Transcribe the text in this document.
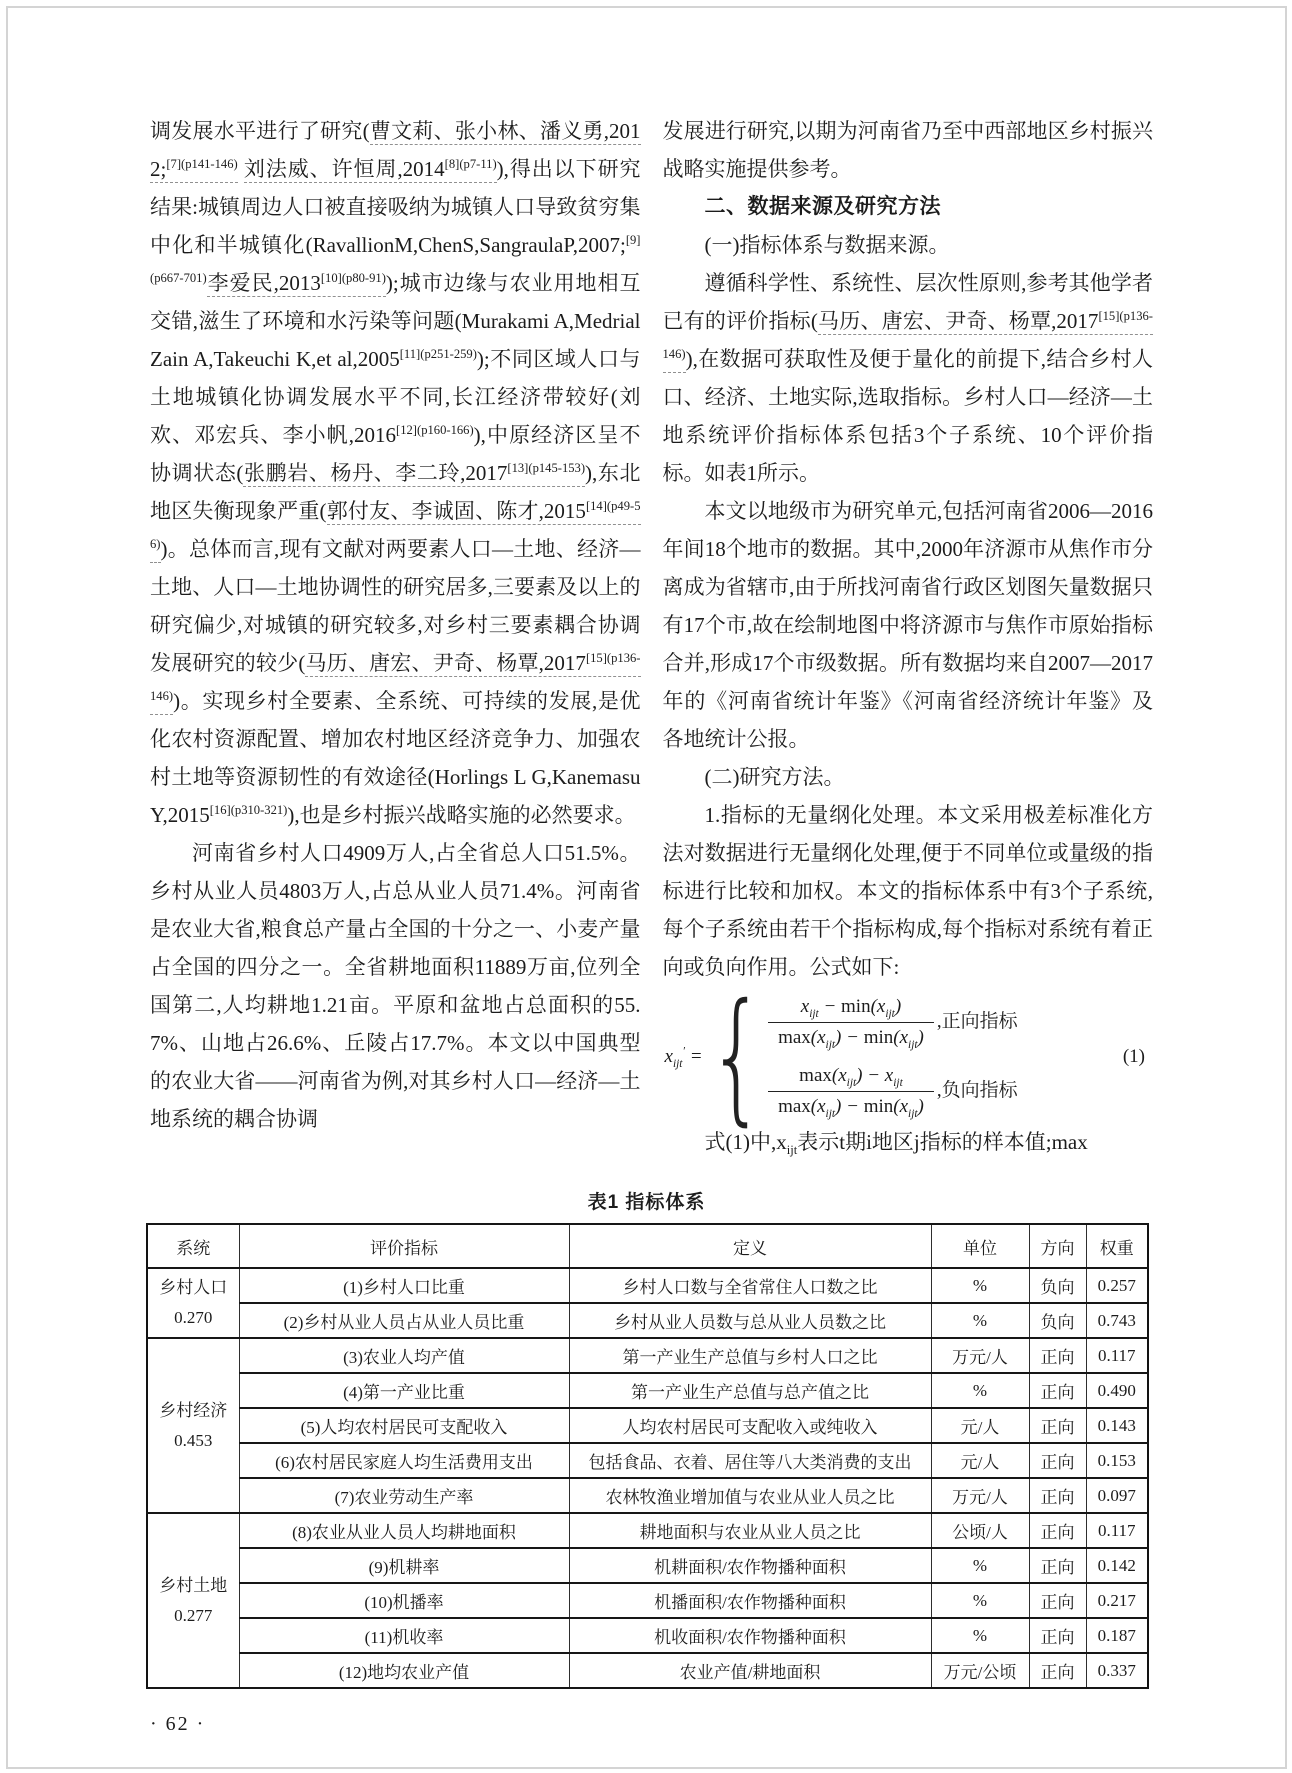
调发展水平进行了研究(曹文莉、张小林、潘义勇,2012;$^{[7](p141-146)}$ 刘法威、许恒周$,2014^{[8](p7-11)}$),得出以下研究结果:城镇周边人口被直接吸纳为城镇人口导致贫穷集中化和半城镇化(RavallionM,ChenS,SangraulaP,2007;$^{[9](p667-701)}$李爱民$,2013^{[10](p80-91)}$);城市边缘与农业用地相互交错,滋生了环境和水污染等问题(Murakami A,Medrial Zain A,Takeuchi K,et $al,2005^{[11](p251-259)}$);不同区域人口与土地城镇化协调发展水平不同,长江经济带较好(刘欢、邓宏兵、李小帆$,2016^{[12](p160-166)}$),中原经济区呈不协调状态(张鹏岩、杨丹、李二玲$,2017^{[13](p145-153)}$),东北地区失衡现象严重(郭付友、李诚固、陈才$,2015^{[14](p49-56)}$)。总体而言,现有文献对两要素人口—土地、经济—土地、人口—土地协调性的研究居多,三要素及以上的研究偏少,对城镇的研究较多,对乡村三要素耦合协调发展研究的较少(马历、唐宏、尹奇、杨覃$,2017^{[15](p136-146)}$)。实现乡村全要素、全系统、可持续的发展,是优化农村资源配置、增加农村地区经济竞争力、加强农村土地等资源韧性的有效途径(Horlings L G,Kanemasu $Y,2015^{[16](p310-321)}$),也是乡村振兴战略实施的必然要求。
河南省乡村人口4909万人,占全省总人口51.5%。乡村从业人员4803万人,占总从业人员71.4%。河南省是农业大省,粮食总产量占全国的十分之一、小麦产量占全国的四分之一。全省耕地面积11889万亩,位列全国第二,人均耕地1.21亩。平原和盆地占总面积的55.7%、山地占26.6%、丘陵占17.7%。本文以中国典型的农业大省——河南省为例,对其乡村人口—经济—土地系统的耦合协调
发展进行研究,以期为河南省乃至中西部地区乡村振兴战略实施提供参考。
二、数据来源及研究方法
(一)指标体系与数据来源。
遵循科学性、系统性、层次性原则,参考其他学者已有的评价指标(马历、唐宏、尹奇、杨覃$,2017^{[15](p136-146)}$),在数据可获取性及便于量化的前提下,结合乡村人口、经济、土地实际,选取指标。乡村人口—经济—土地系统评价指标体系包括3个子系统、10个评价指标。如表1所示。
本文以地级市为研究单元,包括河南省2006—2016年间18个地市的数据。其中,2000年济源市从焦作市分离成为省辖市,由于所找河南省行政区划图矢量数据只有17个市,故在绘制地图中将济源市与焦作市原始指标合并,形成17个市级数据。所有数据均来自2007—2017年的《河南省统计年鉴》《河南省经济统计年鉴》及各地统计公报。
(二)研究方法。
1.指标的无量纲化处理。本文采用极差标准化方法对数据进行无量纲化处理,便于不同单位或量级的指标进行比较和加权。本文的指标体系中有3个子系统,每个子系统由若干个指标构成,每个指标对系统有着正向或负向作用。公式如下:
$x_{ijt}'$ = { $\frac{x_{ijt} - \min(x_{ijt})}{\max(x_{ijt}) - \min(x_{ijt})}$ ,正向指标
$\frac{\max(x_{ijt}) - x_{ijt}}{\max(x_{ijt}) - \min(x_{ijt})}$ ,负向指标
(1)
式(1)中$,x_{ijt}$表示t期i地区j指标的样本值;max
表1 指标体系
系统	评价指标	定义	单位	方向	权重
乡村人口
0.270	(1)乡村人口比重	乡村人口数与全省常住人口数之比	%	负向	0.257
	(2)乡村从业人员占从业人员比重	乡村从业人员数与总从业人员数之比	%	负向	0.743
乡村经济
0.453	(3)农业人均产值	第一产业生产总值与乡村人口之比	万元/人	正向	0.117
	(4)第一产业比重	第一产业生产总值与总产值之比	%	正向	0.490
	(5)人均农村居民可支配收入	人均农村居民可支配收入或纯收入	元/人	正向	0.143
	(6)农村居民家庭人均生活费用支出	包括食品、衣着、居住等八大类消费的支出	元/人	正向	0.153
	(7)农业劳动生产率	农林牧渔业增加值与农业从业人员之比	万元/人	正向	0.097
乡村土地
0.277	(8)农业从业人员人均耕地面积	耕地面积与农业从业人员之比	公顷/人	正向	0.117
	(9)机耕率	机耕面积/农作物播种面积	%	正向	0.142
	(10)机播率	机播面积/农作物播种面积	%	正向	0.217
	(11)机收率	机收面积/农作物播种面积	%	正向	0.187
	(12)地均农业产值	农业产值/耕地面积	万元/公顷	正向	0.337
· 62 ·
